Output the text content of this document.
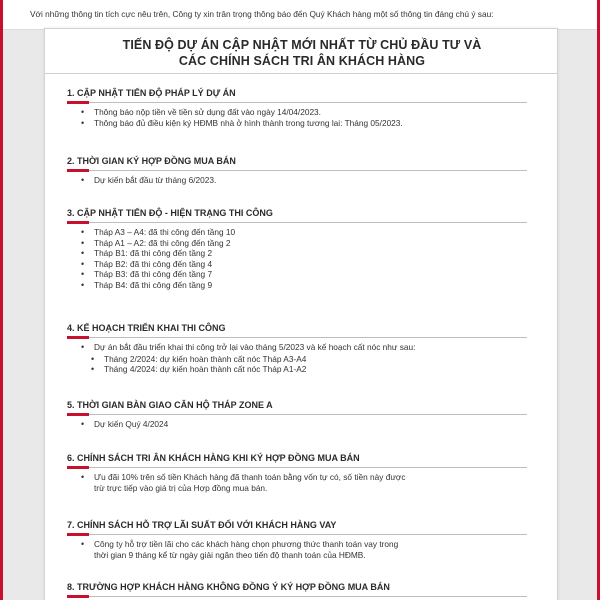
Với những thông tin tích cực nêu trên, Công ty xin trân trọng thông báo đến Quý Khách hàng một số thông tin đáng chú ý sau:
TIẾN ĐỘ DỰ ÁN CẬP NHẬT MỚI NHẤT TỪ CHỦ ĐẦU TƯ VÀ
CÁC CHÍNH SÁCH TRI ÂN KHÁCH HÀNG
1. CẬP NHẬT TIẾN ĐỘ PHÁP LÝ DỰ ÁN
• Thông báo nộp tiền về tiền sử dụng đất vào ngày 14/04/2023.
• Thông báo đủ điều kiện ký HĐMB nhà ở hình thành trong tương lai: Tháng 05/2023.
2. THỜI GIAN KÝ HỢP ĐỒNG MUA BÁN
• Dự kiến bắt đầu từ tháng 6/2023.
3. CẬP NHẬT TIẾN ĐỘ - HIỆN TRẠNG THI CÔNG
• Tháp A3 – A4: đã thi công đến tầng 10
• Tháp A1 – A2: đã thi công đến tầng 2
• Tháp B1: đã thi công đến tầng 2
• Tháp B2: đã thi công đến tầng 4
• Tháp B3: đã thi công đến tầng 7
• Tháp B4: đã thi công đến tầng 9
4. KẾ HOẠCH TRIỂN KHAI THI CÔNG
• Dự án bắt đầu triển khai thi công trở lại vào tháng 5/2023 và kế hoạch cất nóc như sau:
• Tháng 2/2024: dự kiến hoàn thành cất nóc Tháp A3-A4
• Tháng 4/2024: dự kiến hoàn thành cất nóc Tháp A1-A2
5. THỜI GIAN BÀN GIAO CĂN HỘ THÁP ZONE A
• Dự kiến Quý 4/2024
6. CHÍNH SÁCH TRI ÂN KHÁCH HÀNG KHI KÝ HỢP ĐỒNG MUA BÁN
• Ưu đãi 10% trên số tiền Khách hàng đã thanh toán bằng vốn tự có, số tiền này được
trừ trực tiếp vào giá trị của Hợp đồng mua bán.
7. CHÍNH SÁCH HỖ TRỢ LÃI SUẤT ĐỐI VỚI KHÁCH HÀNG VAY
• Công ty hỗ trợ tiền lãi cho các khách hàng chọn phương thức thanh toán vay trong
thời gian 9 tháng kể từ ngày giải ngân theo tiến độ thanh toán của HĐMB.
8. TRƯỜNG HỢP KHÁCH HÀNG KHÔNG ĐỒNG Ý KÝ HỢP ĐỒNG MUA BÁN
